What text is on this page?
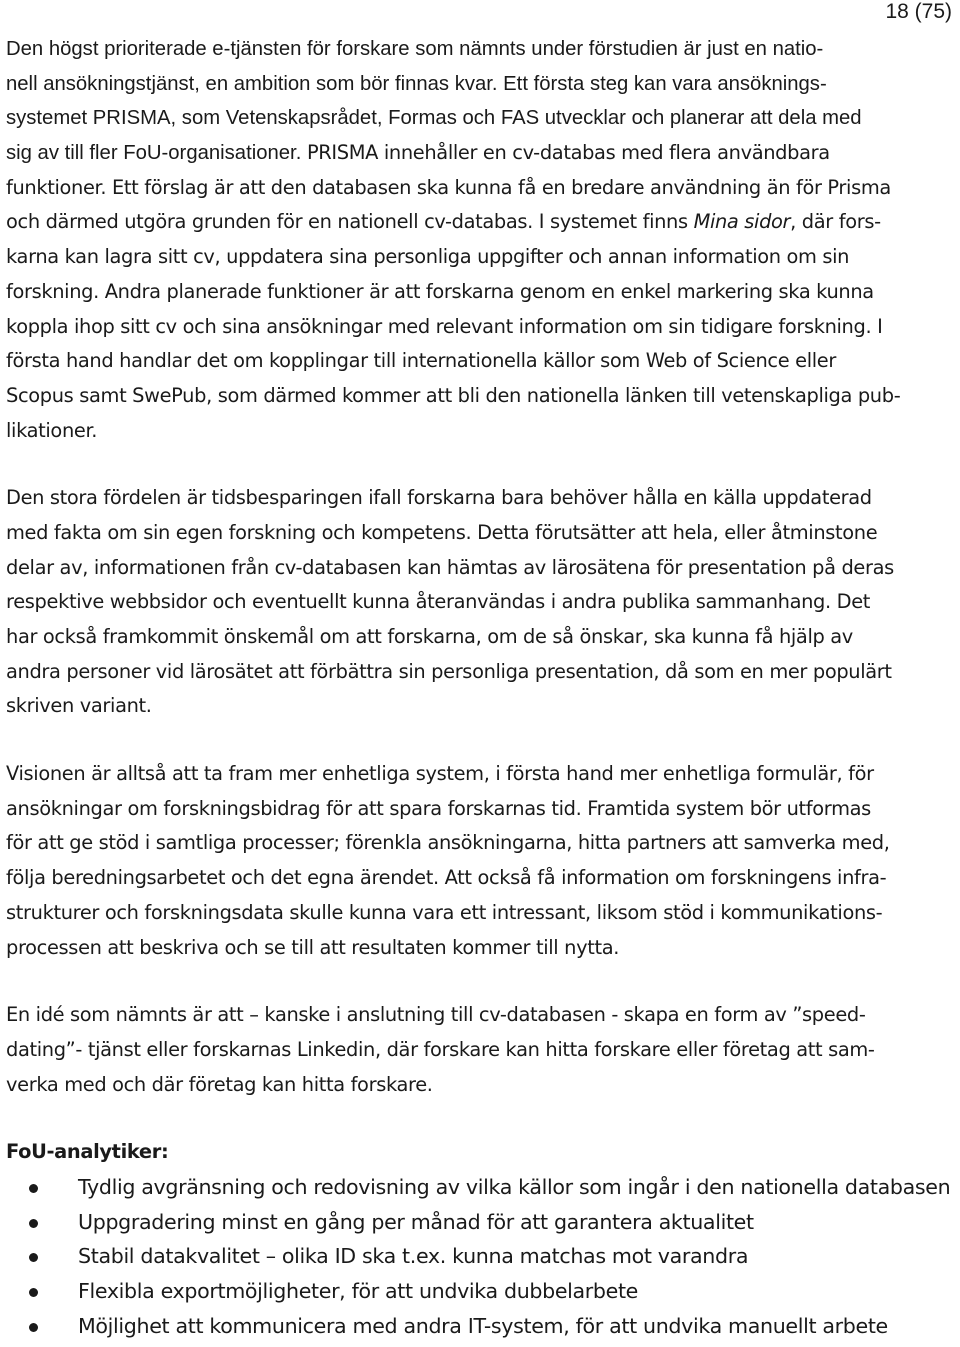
18 (75)

Den högst prioriterade e-tjänsten för forskare som nämnts under förstudien är just en natio-
nell ansökningstjänst, en ambition som bör finnas kvar. Ett första steg kan vara ansöknings-
systemet PRISMA, som Vetenskapsrådet, Formas och FAS utvecklar och planerar att dela med
sig av till fler FoU-organisationer. PRISMA innehåller en cv-databas med flera användbara
funktioner. Ett förslag är att den databasen ska kunna få en bredare användning än för Prisma
och därmed utgöra grunden för en nationell cv-databas. I systemet finns Mina sidor, där fors-
karna kan lagra sitt cv, uppdatera sina personliga uppgifter och annan information om sin
forskning. Andra planerade funktioner är att forskarna genom en enkel markering ska kunna
koppla ihop sitt cv och sina ansökningar med relevant information om sin tidigare forskning. I
första hand handlar det om kopplingar till internationella källor som Web of Science eller
Scopus samt SwePub, som därmed kommer att bli den nationella länken till vetenskapliga pub-
likationer.

Den stora fördelen är tidsbesparingen ifall forskarna bara behöver hålla en källa uppdaterad
med fakta om sin egen forskning och kompetens. Detta förutsätter att hela, eller åtminstone
delar av, informationen från cv-databasen kan hämtas av lärosätena för presentation på deras
respektive webbsidor och eventuellt kunna återanvändas i andra publika sammanhang. Det
har också framkommit önskemål om att forskarna, om de så önskar, ska kunna få hjälp av
andra personer vid lärosätet att förbättra sin personliga presentation, då som en mer populärt
skriven variant.

Visionen är alltså att ta fram mer enhetliga system, i första hand mer enhetliga formulär, för
ansökningar om forskningsbidrag för att spara forskarnas tid. Framtida system bör utformas
för att ge stöd i samtliga processer; förenkla ansökningarna, hitta partners att samverka med,
följa beredningsarbetet och det egna ärendet. Att också få information om forskningens infra-
strukturer och forskningsdata skulle kunna vara ett intressant, liksom stöd i kommunikations-
processen att beskriva och se till att resultaten kommer till nytta.

En idé som nämnts är att – kanske i anslutning till cv-databasen - skapa en form av ”speed-
dating”- tjänst eller forskarnas Linkedin, där forskare kan hitta forskare eller företag att sam-
verka med och där företag kan hitta forskare.

FoU-analytiker:
Tydlig avgränsning och redovisning av vilka källor som ingår i den nationella databasen
Uppgradering minst en gång per månad för att garantera aktualitet
Stabil datakvalitet – olika ID ska t.ex. kunna matchas mot varandra
Flexibla exportmöjligheter, för att undvika dubbelarbete
Möjlighet att kommunicera med andra IT-system, för att undvika manuellt arbete
